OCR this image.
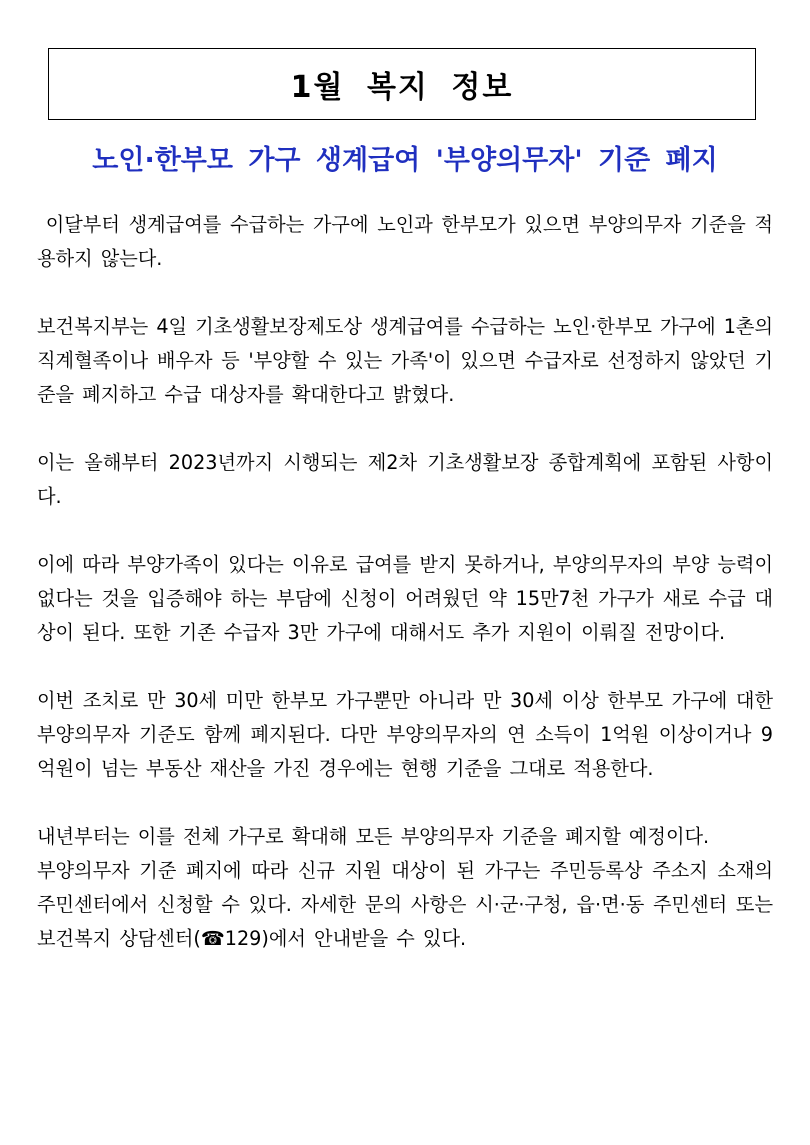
1월 복지 정보
노인·한부모 가구 생계급여 '부양의무자' 기준 폐지

이달부터 생계급여를 수급하는 가구에 노인과 한부모가 있으면 부양의무자 기준을 적용하지 않는다.

보건복지부는 4일 기초생활보장제도상 생계급여를 수급하는 노인·한부모 가구에 1촌의 직계혈족이나 배우자 등 '부양할 수 있는 가족'이 있으면 수급자로 선정하지 않았던 기준을 폐지하고 수급 대상자를 확대한다고 밝혔다.

이는 올해부터 2023년까지 시행되는 제2차 기초생활보장 종합계획에 포함된 사항이다.

이에 따라 부양가족이 있다는 이유로 급여를 받지 못하거나, 부양의무자의 부양 능력이 없다는 것을 입증해야 하는 부담에 신청이 어려웠던 약 15만7천 가구가 새로 수급 대상이 된다. 또한 기존 수급자 3만 가구에 대해서도 추가 지원이 이뤄질 전망이다.

이번 조치로 만 30세 미만 한부모 가구뿐만 아니라 만 30세 이상 한부모 가구에 대한 부양의무자 기준도 함께 폐지된다. 다만 부양의무자의 연 소득이 1억원 이상이거나 9억원이 넘는 부동산 재산을 가진 경우에는 현행 기준을 그대로 적용한다.

내년부터는 이를 전체 가구로 확대해 모든 부양의무자 기준을 폐지할 예정이다.

부양의무자 기준 폐지에 따라 신규 지원 대상이 된 가구는 주민등록상 주소지 소재의 주민센터에서 신청할 수 있다. 자세한 문의 사항은 시·군·구청, 읍·면·동 주민센터 또는 보건복지 상담센터(☎129)에서 안내받을 수 있다.
